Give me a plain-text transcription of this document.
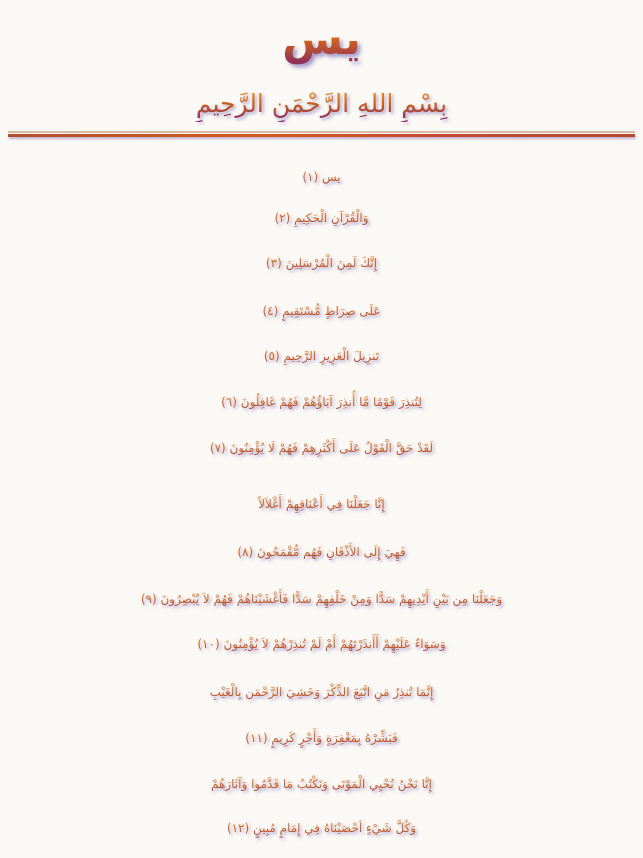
يس
بِسْمِ اللهِ الرَّحْمَنِ الرَّحِيمِ
يس (١)
وَالْقُرْآنِ الْحَكِيمِ (٢)
إِنَّكَ لَمِنَ الْمُرْسَلِينَ (٣)
عَلَى صِرَاطٍ مُّسْتَقِيمٍ (٤)
تَنزِيلَ الْعَزِيزِ الرَّحِيمِ (٥)
لِتُنذِرَ قَوْمًا مَّا أُنذِرَ آبَاؤُهُمْ فَهُمْ غَافِلُونَ (٦)
لَقَدْ حَقَّ الْقَوْلُ عَلَى أَكْثَرِهِمْ فَهُمْ لَا يُؤْمِنُونَ (٧)
إِنَّا جَعَلْنَا فِي أَعْنَاقِهِمْ أَغْلاَلاً
فَهِيَ إِلَى الأَذْقَانِ فَهُم مُّقْمَحُونَ (٨)
وَجَعَلْنَا مِن بَيْنِ أَيْدِيهِمْ سَدًّا وَمِنْ خَلْفِهِمْ سَدًّا فَأَغْشَيْنَاهُمْ فَهُمْ لاَ يُبْصِرُونَ (٩)
وَسَوَاءٌ عَلَيْهِمْ أَأَنذَرْتَهُمْ أَمْ لَمْ تُنذِرْهُمْ لاَ يُؤْمِنُونَ (١٠)
إِنَّمَا تُنذِرُ مَنِ اتَّبَعَ الذِّكْرَ وَخَشِيَ الرَّحْمَن بِالْغَيْبِ
فَبَشِّرْهُ بِمَغْفِرَةٍ وَأَجْرٍ كَرِيمٍ (١١)
إِنَّا نَحْنُ نُحْيِي الْمَوْتَى وَنَكْتُبُ مَا قَدَّمُوا وَآثَارَهُمْ
وَكُلَّ شَيْءٍ أحْصَيْنَاهُ فِي إِمَامٍ مُبِينٍ (١٢)
